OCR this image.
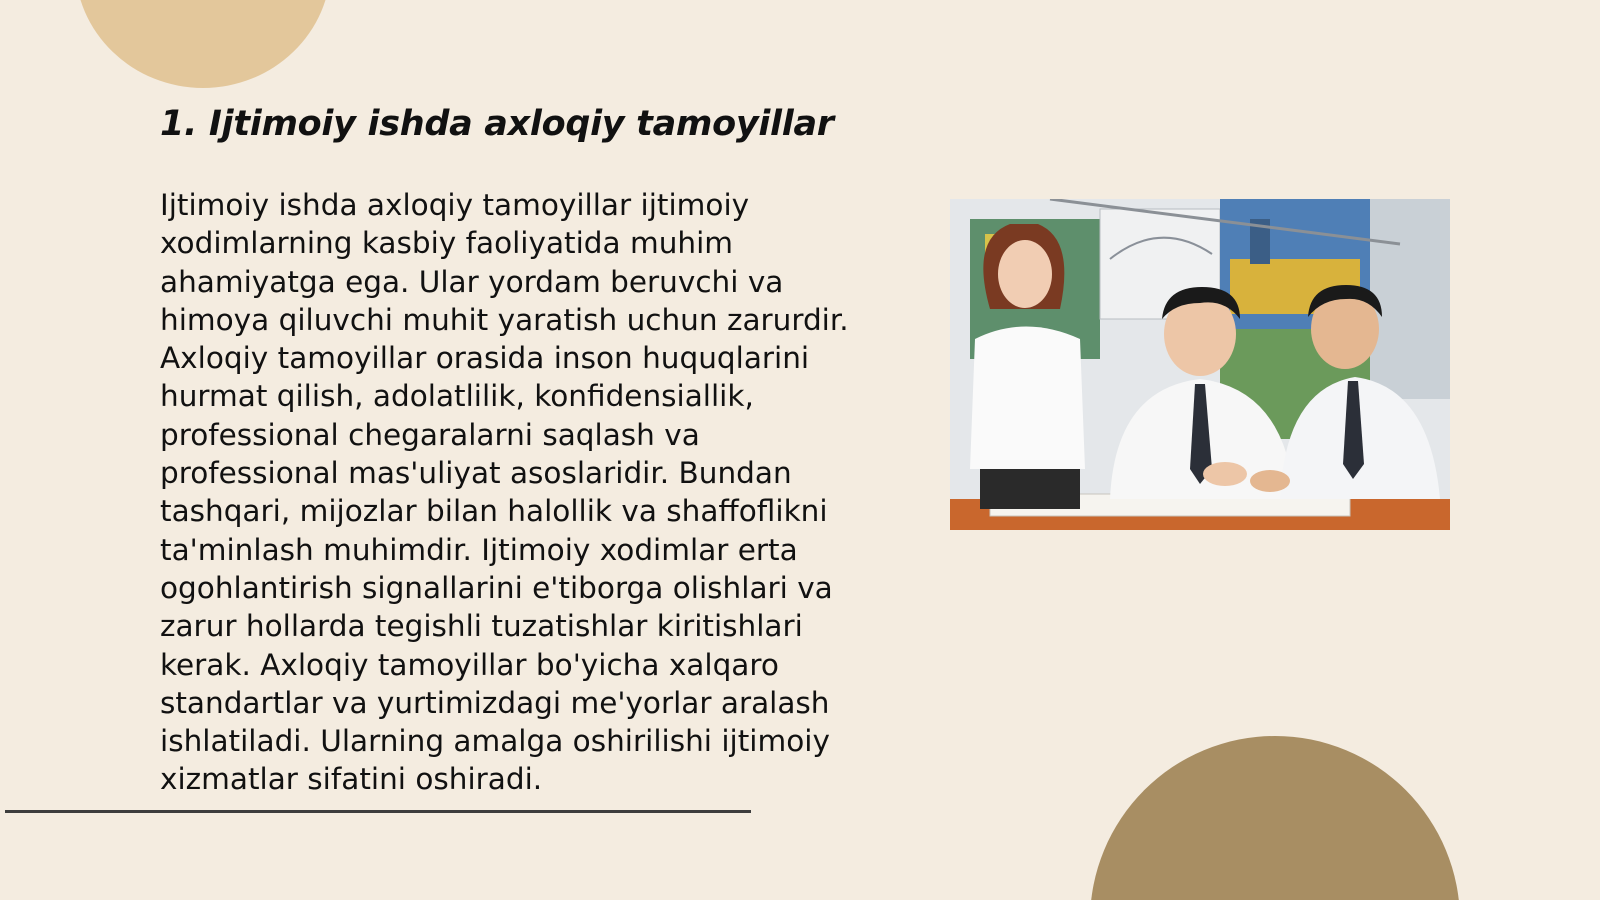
1. Ijtimoiy ishda axloqiy tamoyillar

Ijtimoiy ishda axloqiy tamoyillar ijtimoiy xodimlarning kasbiy faoliyatida muhim ahamiyatga ega. Ular yordam beruvchi va himoya qiluvchi muhit yaratish uchun zarurdir. Axloqiy tamoyillar orasida inson huquqlarini hurmat qilish, adolatlilik, konfidensiallik, professional chegaralarni saqlash va professional mas'uliyat asoslaridir. Bundan tashqari, mijozlar bilan halollik va shaffoflikni ta'minlash muhimdir. Ijtimoiy xodimlar erta ogohlantirish signallarini e'tiborga olishlari va zarur hollarda tegishli tuzatishlar kiritishlari kerak. Axloqiy tamoyillar bo'yicha xalqaro standartlar va yurtimizdagi me'yorlar aralash ishlatiladi. Ularning amalga oshirilishi ijtimoiy xizmatlar sifatini oshiradi.
